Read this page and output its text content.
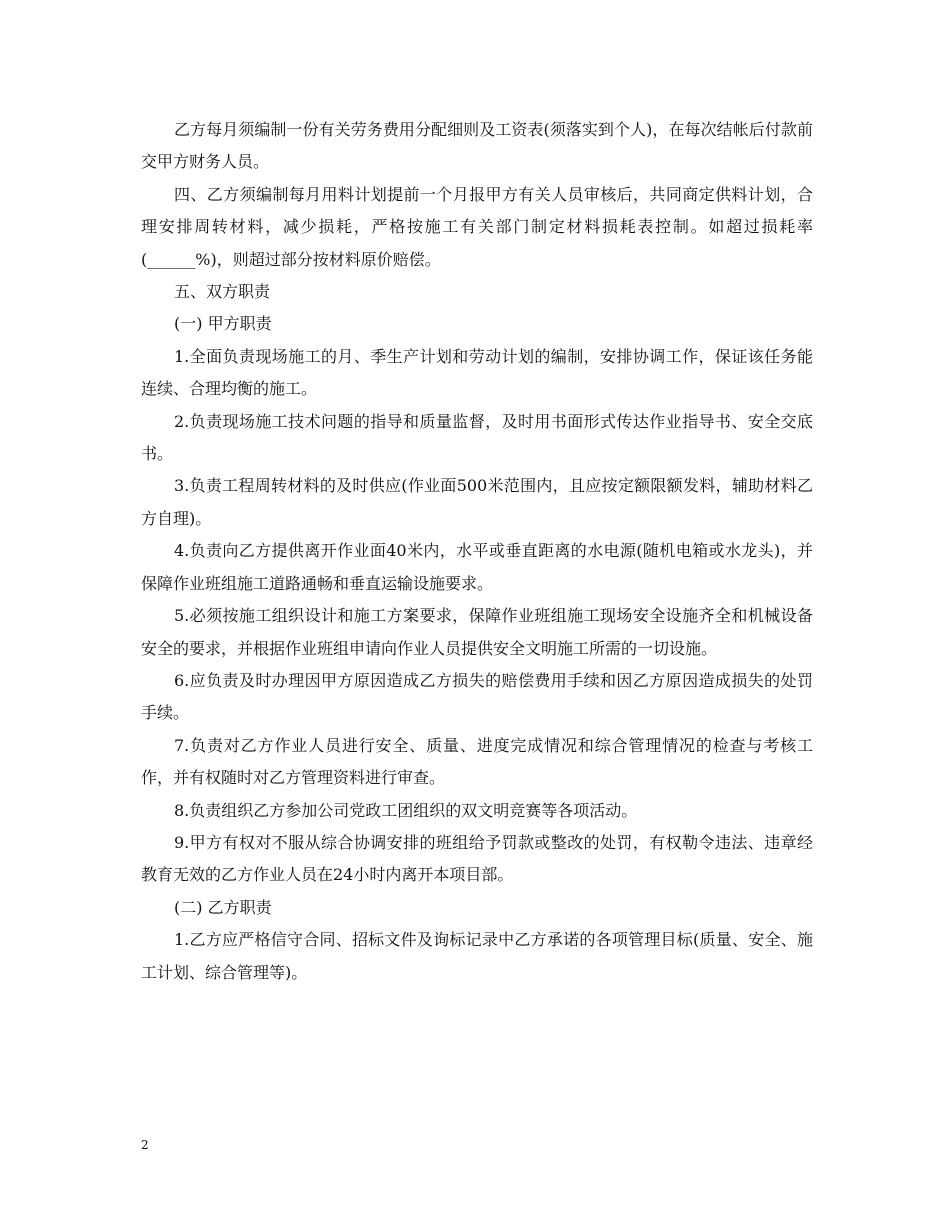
乙方每月须编制一份有关劳务费用分配细则及工资表(须落实到个人)，在每次结帐后付款前交甲方财务人员。

四、乙方须编制每月用料计划提前一个月报甲方有关人员审核后，共同商定供料计划，合理安排周转材料，减少损耗，严格按施工有关部门制定材料损耗表控制。如超过损耗率(______%)，则超过部分按材料原价赔偿。

五、双方职责

(一) 甲方职责

1.全面负责现场施工的月、季生产计划和劳动计划的编制，安排协调工作，保证该任务能连续、合理均衡的施工。

2.负责现场施工技术问题的指导和质量监督，及时用书面形式传达作业指导书、安全交底书。

3.负责工程周转材料的及时供应(作业面500米范围内，且应按定额限额发料，辅助材料乙方自理)。

4.负责向乙方提供离开作业面40米内，水平或垂直距离的水电源(随机电箱或水龙头)，并保障作业班组施工道路通畅和垂直运输设施要求。

5.必须按施工组织设计和施工方案要求，保障作业班组施工现场安全设施齐全和机械设备安全的要求，并根据作业班组申请向作业人员提供安全文明施工所需的一切设施。

6.应负责及时办理因甲方原因造成乙方损失的赔偿费用手续和因乙方原因造成损失的处罚手续。

7.负责对乙方作业人员进行安全、质量、进度完成情况和综合管理情况的检查与考核工作，并有权随时对乙方管理资料进行审查。

8.负责组织乙方参加公司党政工团组织的双文明竞赛等各项活动。

9.甲方有权对不服从综合协调安排的班组给予罚款或整改的处罚，有权勒令违法、违章经教育无效的乙方作业人员在24小时内离开本项目部。

(二) 乙方职责

1.乙方应严格信守合同、招标文件及询标记录中乙方承诺的各项管理目标(质量、安全、施工计划、综合管理等)。

2
